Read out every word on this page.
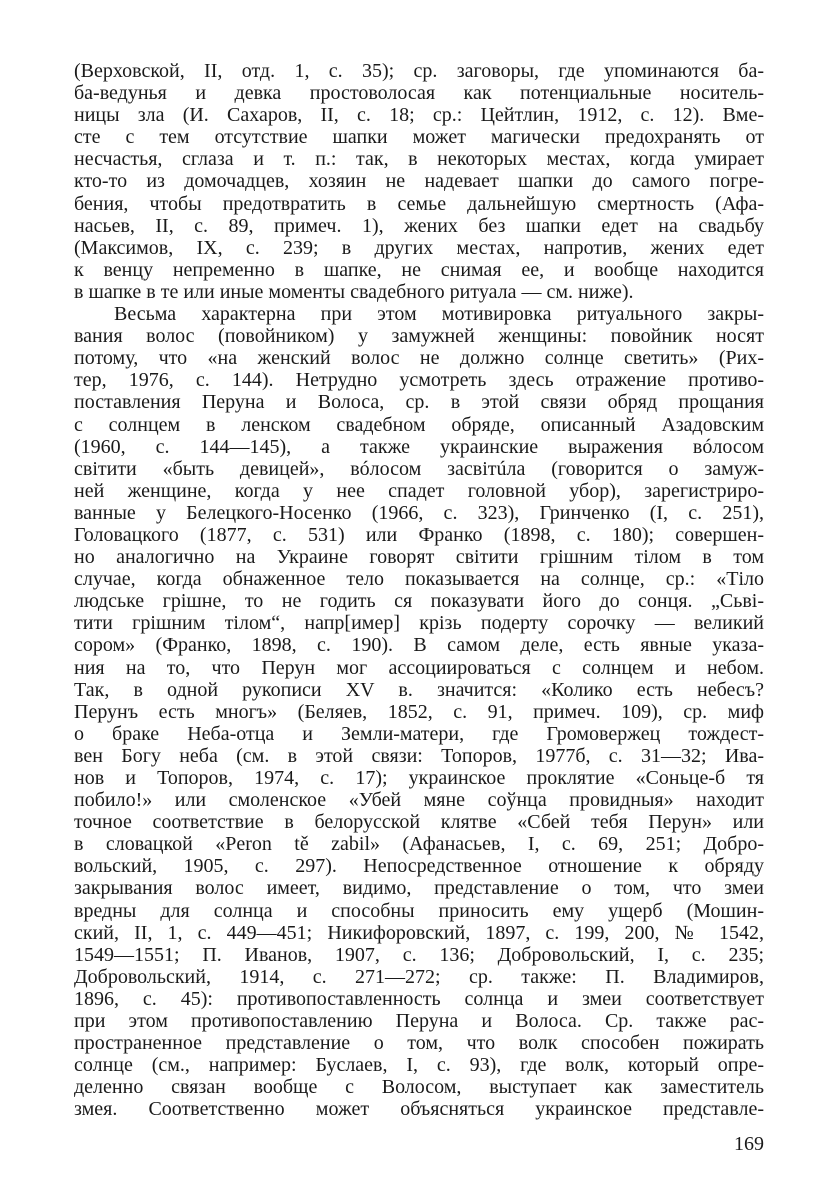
(Верховской, II, отд. 1, с. 35); ср. заговоры, где упоминаются ба-
ба-ведунья и девка простоволосая как потенциальные носитель-
ницы зла (И. Сахаров, II, с. 18; ср.: Цейтлин, 1912, с. 12). Вме-
сте с тем отсутствие шапки может магически предохранять от
несчастья, сглаза и т. п.: так, в некоторых местах, когда умирает
кто-то из домочадцев, хозяин не надевает шапки до самого погре-
бения, чтобы предотвратить в семье дальнейшую смертность (Афа-
насьев, II, с. 89, примеч. 1), жених без шапки едет на свадьбу
(Максимов, IX, с. 239; в других местах, напротив, жених едет
к венцу непременно в шапке, не снимая ее, и вообще находится
в шапке в те или иные моменты свадебного ритуала — см. ниже).
Весьма характерна при этом мотивировка ритуального закры-
вания волос (повойником) у замужней женщины: повойник носят
потому, что «на женский волос не должно солнце светить» (Рих-
тер, 1976, с. 144). Нетрудно усмотреть здесь отражение противо-
поставления Перуна и Волоса, ср. в этой связи обряд прощания
с солнцем в ленском свадебном обряде, описанный Азадовским
(1960, с. 144—145), а также украинские выражения вóлосом
свiтити «быть девицей», вóлосом засвiтúла (говорится о замуж-
ней женщине, когда у нее спадет головной убор), зарегистриро-
ванные у Белецкого-Носенко (1966, с. 323), Гринченко (I, с. 251),
Головацкого (1877, с. 531) или Франко (1898, с. 180); совершен-
но аналогично на Украине говорят свiтити грiшним тiлом в том
случае, когда обнаженное тело показывается на солнце, ср.: «Тiло
людське грiшне, то не годить ся показувати його до сонця. „Сьвi-
тити грiшним тiлом“, напр[имер] крiзь подерту сорочку — великий
сором» (Франко, 1898, с. 190). В самом деле, есть явные указа-
ния на то, что Перун мог ассоциироваться с солнцем и небом.
Так, в одной рукописи XV в. значится: «Колико есть небесъ?
Перунъ есть многъ» (Беляев, 1852, с. 91, примеч. 109), ср. миф
о браке Неба-отца и Земли-матери, где Громовержец тождест-
вен Богу неба (см. в этой связи: Топоров, 1977б, с. 31—32; Ива-
нов и Топоров, 1974, с. 17); украинское проклятие «Соньце-б тя
побило!» или смоленское «Убей мяне соўнца провидныя» находит
точное соответствие в белорусской клятве «Сбей тебя Перун» или
в словацкой «Peron tě zabil» (Афанасьев, I, с. 69, 251; Добро-
вольский, 1905, с. 297). Непосредственное отношение к обряду
закрывания волос имеет, видимо, представление о том, что змеи
вредны для солнца и способны приносить ему ущерб (Мошин-
ский, II, 1, с. 449—451; Никифоровский, 1897, с. 199, 200, № 1542,
1549—1551; П. Иванов, 1907, с. 136; Добровольский, I, с. 235;
Добровольский, 1914, с. 271—272; ср. также: П. Владимиров,
1896, с. 45): противопоставленность солнца и змеи соответствует
при этом противопоставлению Перуна и Волоса. Ср. также рас-
пространенное представление о том, что волк способен пожирать
солнце (см., например: Буслаев, I, с. 93), где волк, который опре-
деленно связан вообще с Волосом, выступает как заместитель
змея. Соответственно может объясняться украинское представле-
169
